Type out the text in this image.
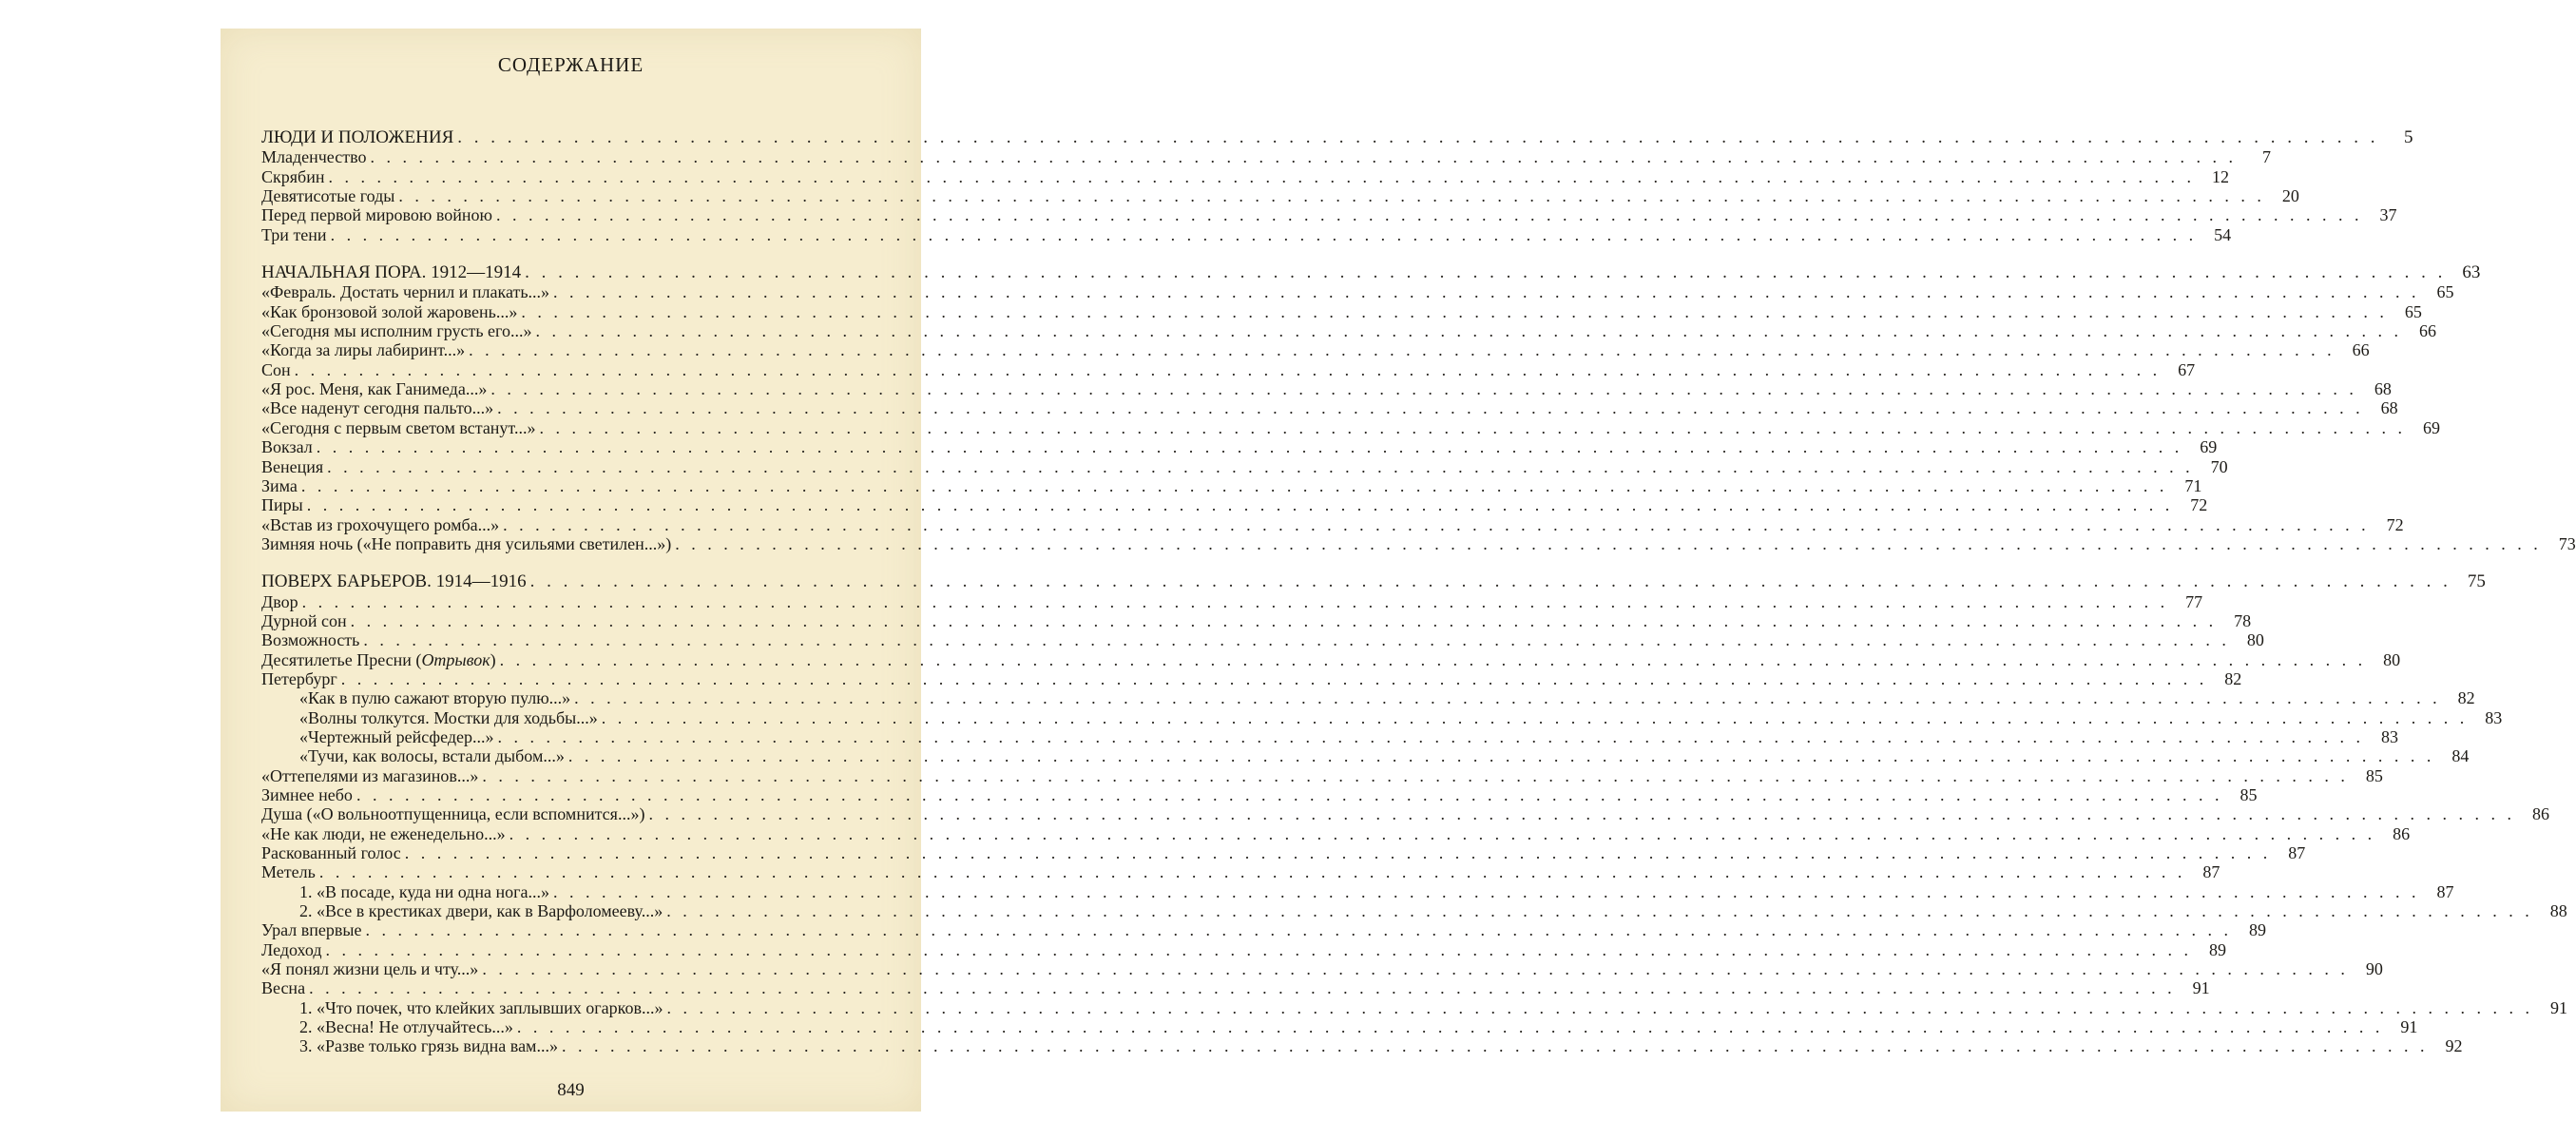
СОДЕРЖАНИЕ
ЛЮДИ И ПОЛОЖЕНИЯ . . .	5
Младенчество . . .	7
Скрябин . . .	12
Девятисотые годы . . .	20
Перед первой мировою войною . . .	37
Три тени . . .	54
НАЧАЛЬНАЯ ПОРА. 1912—1914 . . .	63
«Февраль. Достать чернил и плакать...» . . .	65
«Как бронзовой золой жаровень...» . . .	65
«Сегодня мы исполним грусть его...» . . .	66
«Когда за лиры лабиринт...» . . .	66
Сон . . .	67
«Я рос. Меня, как Ганимеда...» . . .	68
«Все наденут сегодня пальто...» . . .	68
«Сегодня с первым светом встанут...» . . .	69
Вокзал . . .	69
Венеция . . .	70
Зима . . .	71
Пиры . . .	72
«Встав из грохочущего ромба...» . . .	72
Зимняя ночь («Не поправить дня усильями светилен...») . . .	73
ПОВЕРХ БАРЬЕРОВ. 1914—1916 . . .	75
Двор . . .	77
Дурной сон . . .	78
Возможность . . .	80
Десятилетье Пресни (Отрывок) . . .	80
Петербург . . .	82
«Как в пулю сажают вторую пулю...» . . .	82
«Волны толкутся. Мостки для ходьбы...» . . .	83
«Чертежный рейсфедер...» . . .	83
«Тучи, как волосы, встали дыбом...» . . .	84
«Оттепелями из магазинов...» . . .	85
Зимнее небо . . .	85
Душа («О вольноотпущенница, если вспомнится...») . . .	86
«Не как люди, не еженедельно...» . . .	86
Раскованный голос . . .	87
Метель . . .	87
1. «В посаде, куда ни одна нога...» . . .	87
2. «Все в крестиках двери, как в Варфоломееву...» . . .	88
Урал впервые . . .	89
Ледоход . . .	89
«Я понял жизни цель и чту...» . . .	90
Весна . . .	91
1. «Что почек, что клейких заплывших огарков...» . . .	91
2. «Весна! Не отлучайтесь...» . . .	91
3. «Разве только грязь видна вам...» . . .	92
849
